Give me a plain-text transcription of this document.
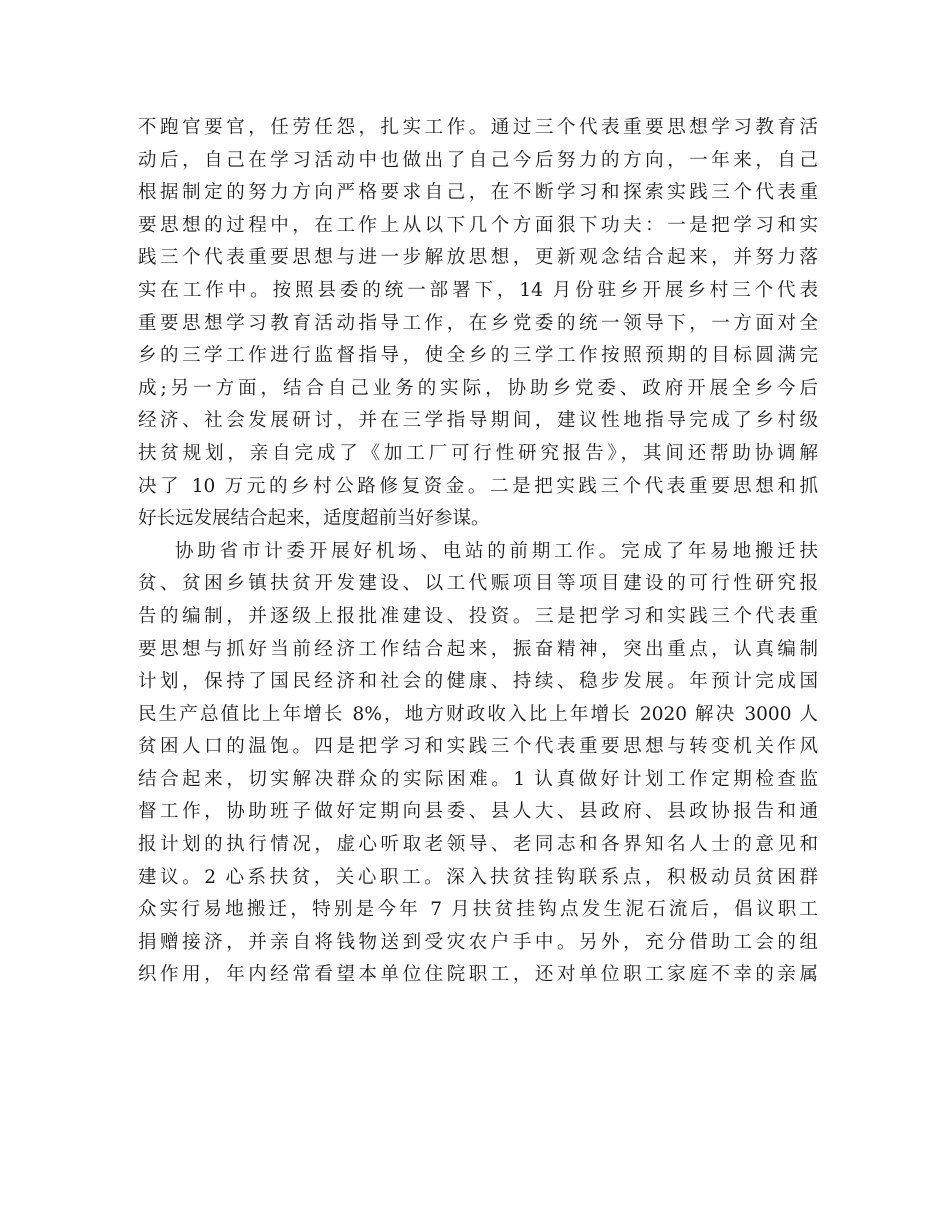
不跑官要官，任劳任怨，扎实工作。通过三个代表重要思想学习教育活
动后，自己在学习活动中也做出了自己今后努力的方向，一年来，自己
根据制定的努力方向严格要求自己，在不断学习和探索实践三个代表重
要思想的过程中，在工作上从以下几个方面狠下功夫：一是把学习和实
践三个代表重要思想与进一步解放思想，更新观念结合起来，并努力落
实在工作中。按照县委的统一部署下，14 月份驻乡开展乡村三个代表
重要思想学习教育活动指导工作，在乡党委的统一领导下，一方面对全
乡的三学工作进行监督指导，使全乡的三学工作按照预期的目标圆满完
成;另一方面，结合自己业务的实际，协助乡党委、政府开展全乡今后
经济、社会发展研讨，并在三学指导期间，建议性地指导完成了乡村级
扶贫规划，亲自完成了《加工厂可行性研究报告》，其间还帮助协调解
决了 10 万元的乡村公路修复资金。二是把实践三个代表重要思想和抓
好长远发展结合起来，适度超前当好参谋。
协助省市计委开展好机场、电站的前期工作。完成了年易地搬迁扶
贫、贫困乡镇扶贫开发建设、以工代赈项目等项目建设的可行性研究报
告的编制，并逐级上报批准建设、投资。三是把学习和实践三个代表重
要思想与抓好当前经济工作结合起来，振奋精神，突出重点，认真编制
计划，保持了国民经济和社会的健康、持续、稳步发展。年预计完成国
民生产总值比上年增长 8%，地方财政收入比上年增长 2020 解决 3000 人
贫困人口的温饱。四是把学习和实践三个代表重要思想与转变机关作风
结合起来，切实解决群众的实际困难。1 认真做好计划工作定期检查监
督工作，协助班子做好定期向县委、县人大、县政府、县政协报告和通
报计划的执行情况，虚心听取老领导、老同志和各界知名人士的意见和
建议。2 心系扶贫，关心职工。深入扶贫挂钩联系点，积极动员贫困群
众实行易地搬迁，特别是今年 7 月扶贫挂钩点发生泥石流后，倡议职工
捐赠接济，并亲自将钱物送到受灾农户手中。另外，充分借助工会的组
织作用，年内经常看望本单位住院职工，还对单位职工家庭不幸的亲属
